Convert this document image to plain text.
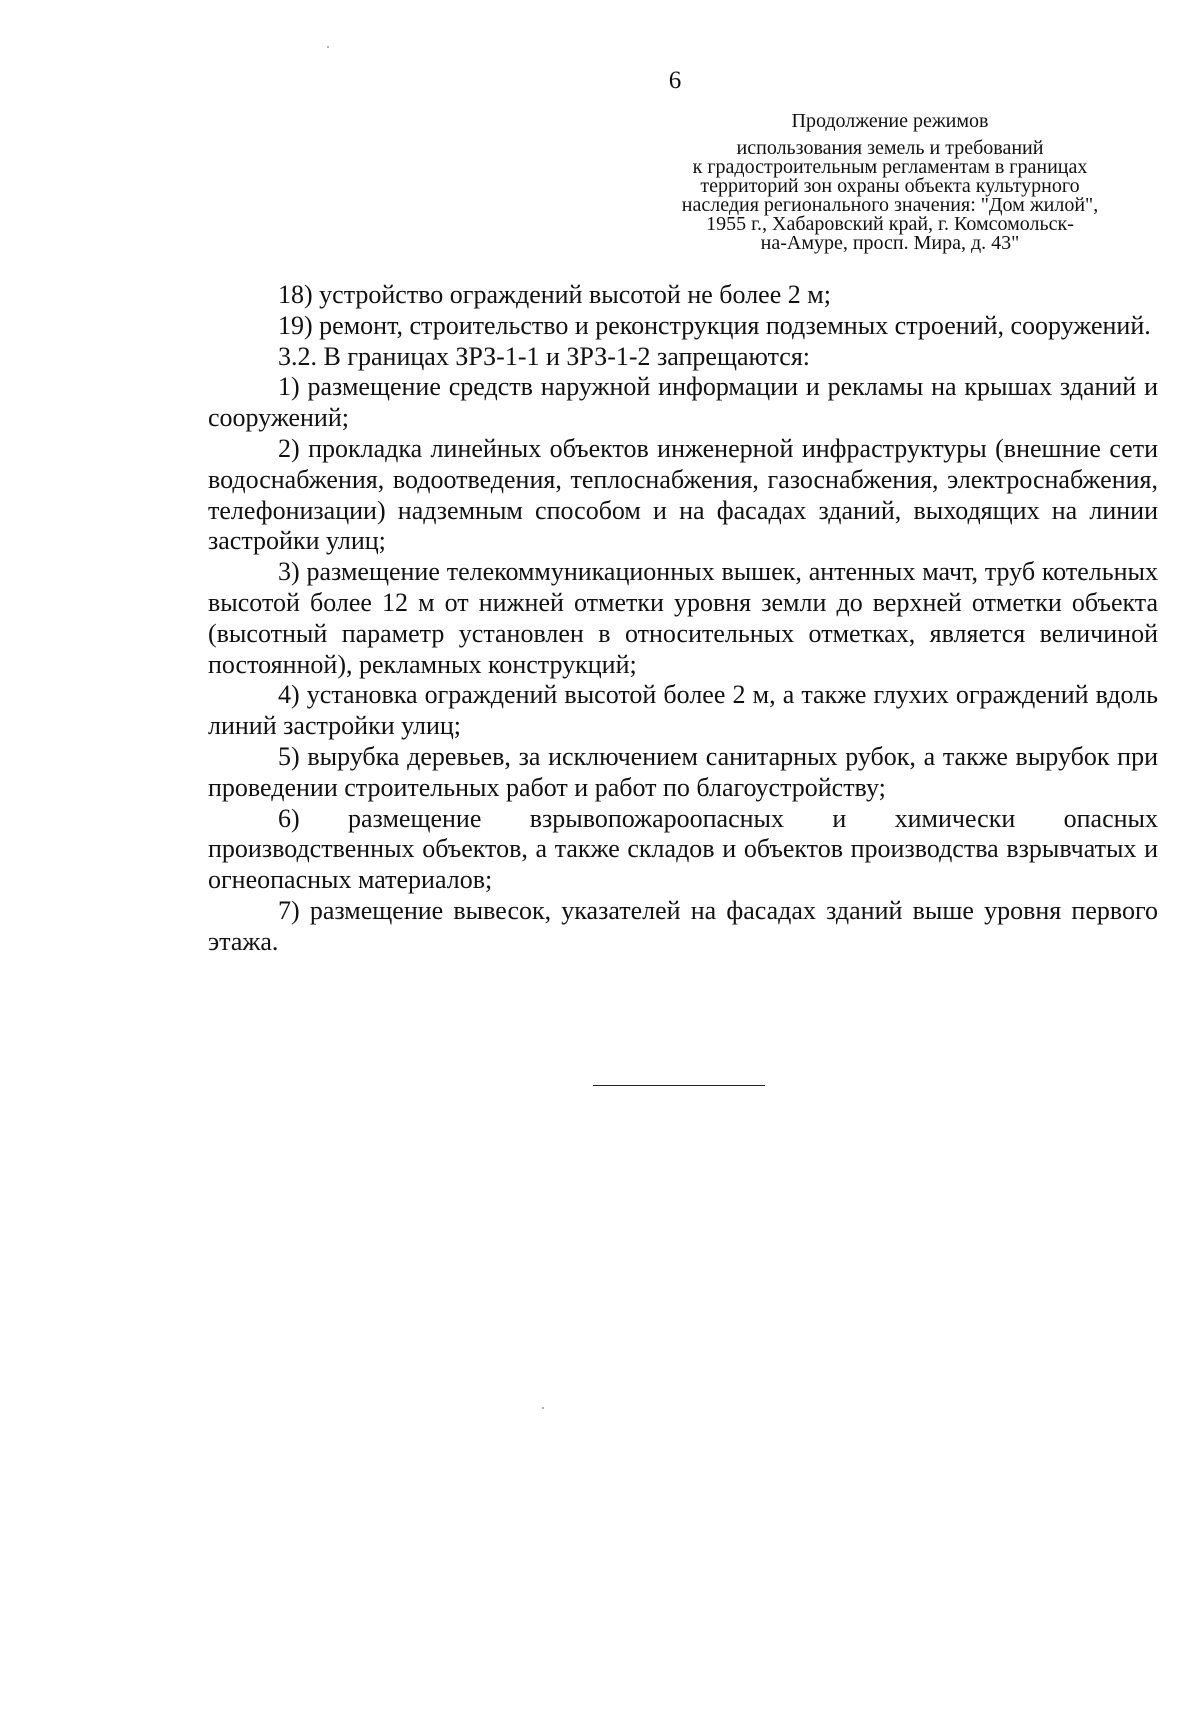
6
Продолжение режимов
использования земель и требований
к градостроительным регламентам в границах
территорий зон охраны объекта культурного
наследия регионального значения: "Дом жилой",
1955 г., Хабаровский край, г. Комсомольск-
на-Амуре, просп. Мира, д. 43"

18) устройство ограждений высотой не более 2 м;

19) ремонт, строительство и реконструкция подземных строений, сооружений.

3.2. В границах ЗРЗ-1-1 и ЗРЗ-1-2 запрещаются:

1) размещение средств наружной информации и рекламы на крышах зданий и сооружений;

2) прокладка линейных объектов инженерной инфраструктуры (внешние сети водоснабжения, водоотведения, теплоснабжения, газоснабжения, электроснабжения, телефонизации) надземным способом и на фасадах зданий, выходящих на линии застройки улиц;

3) размещение телекоммуникационных вышек, антенных мачт, труб котельных высотой более 12 м от нижней отметки уровня земли до верхней отметки объекта (высотный параметр установлен в относительных отметках, является величиной постоянной), рекламных конструкций;

4) установка ограждений высотой более 2 м, а также глухих ограждений вдоль линий застройки улиц;

5) вырубка деревьев, за исключением санитарных рубок, а также вырубок при проведении строительных работ и работ по благоустройству;

6) размещение взрывопожароопасных и химически опасных производственных объектов, а также складов и объектов производства взрывчатых и огнеопасных материалов;

7) размещение вывесок, указателей на фасадах зданий выше уровня первого этажа.
